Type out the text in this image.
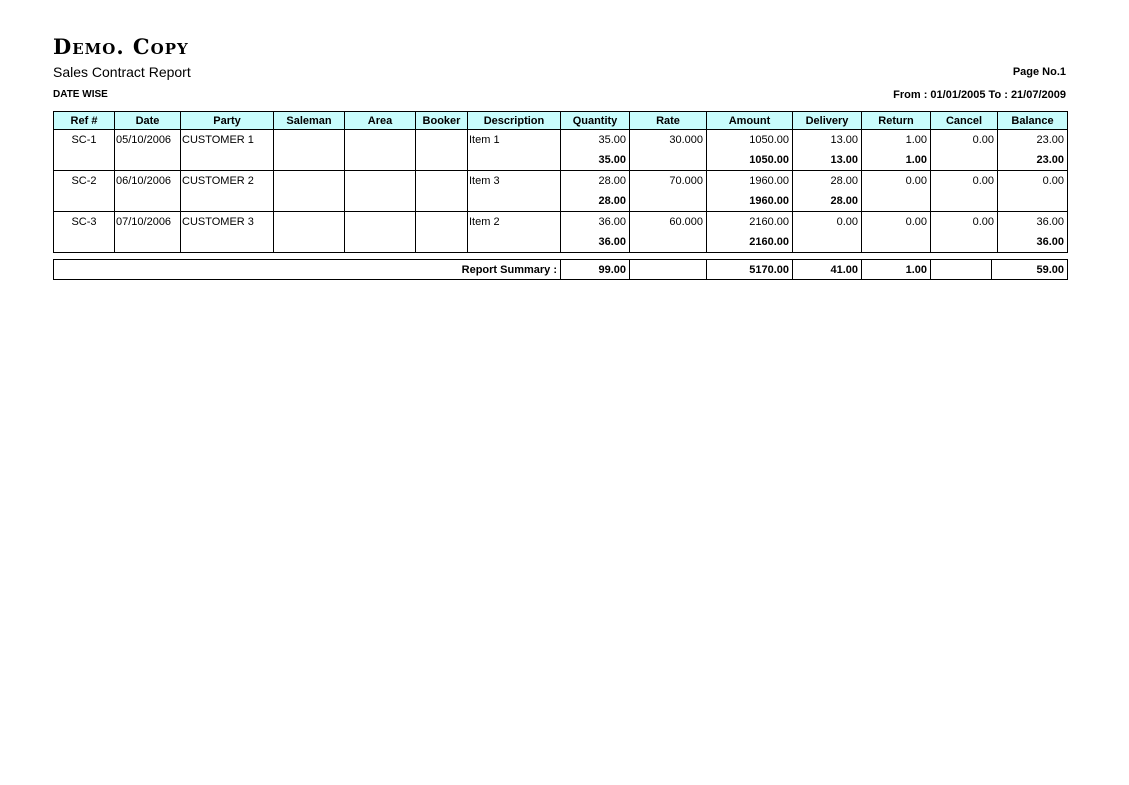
Demo. Copy
Sales Contract Report	Page No.1
DATE WISE	From : 01/01/2005 To : 21/07/2009
Ref #	Date	Party	Saleman	Area	Booker	Description	Quantity	Rate	Amount	Delivery	Return	Cancel	Balance
SC-1	05/10/2006	CUSTOMER 1				Item 1	35.00	30.000	1050.00	13.00	1.00	0.00	23.00
							35.00		1050.00	13.00	1.00		23.00
SC-2	06/10/2006	CUSTOMER 2				Item 3	28.00	70.000	1960.00	28.00	0.00	0.00	0.00
							28.00		1960.00	28.00			
SC-3	07/10/2006	CUSTOMER 3				Item 2	36.00	60.000	2160.00	0.00	0.00	0.00	36.00
							36.00		2160.00				36.00
Report Summary :	99.00		5170.00	41.00	1.00		59.00
